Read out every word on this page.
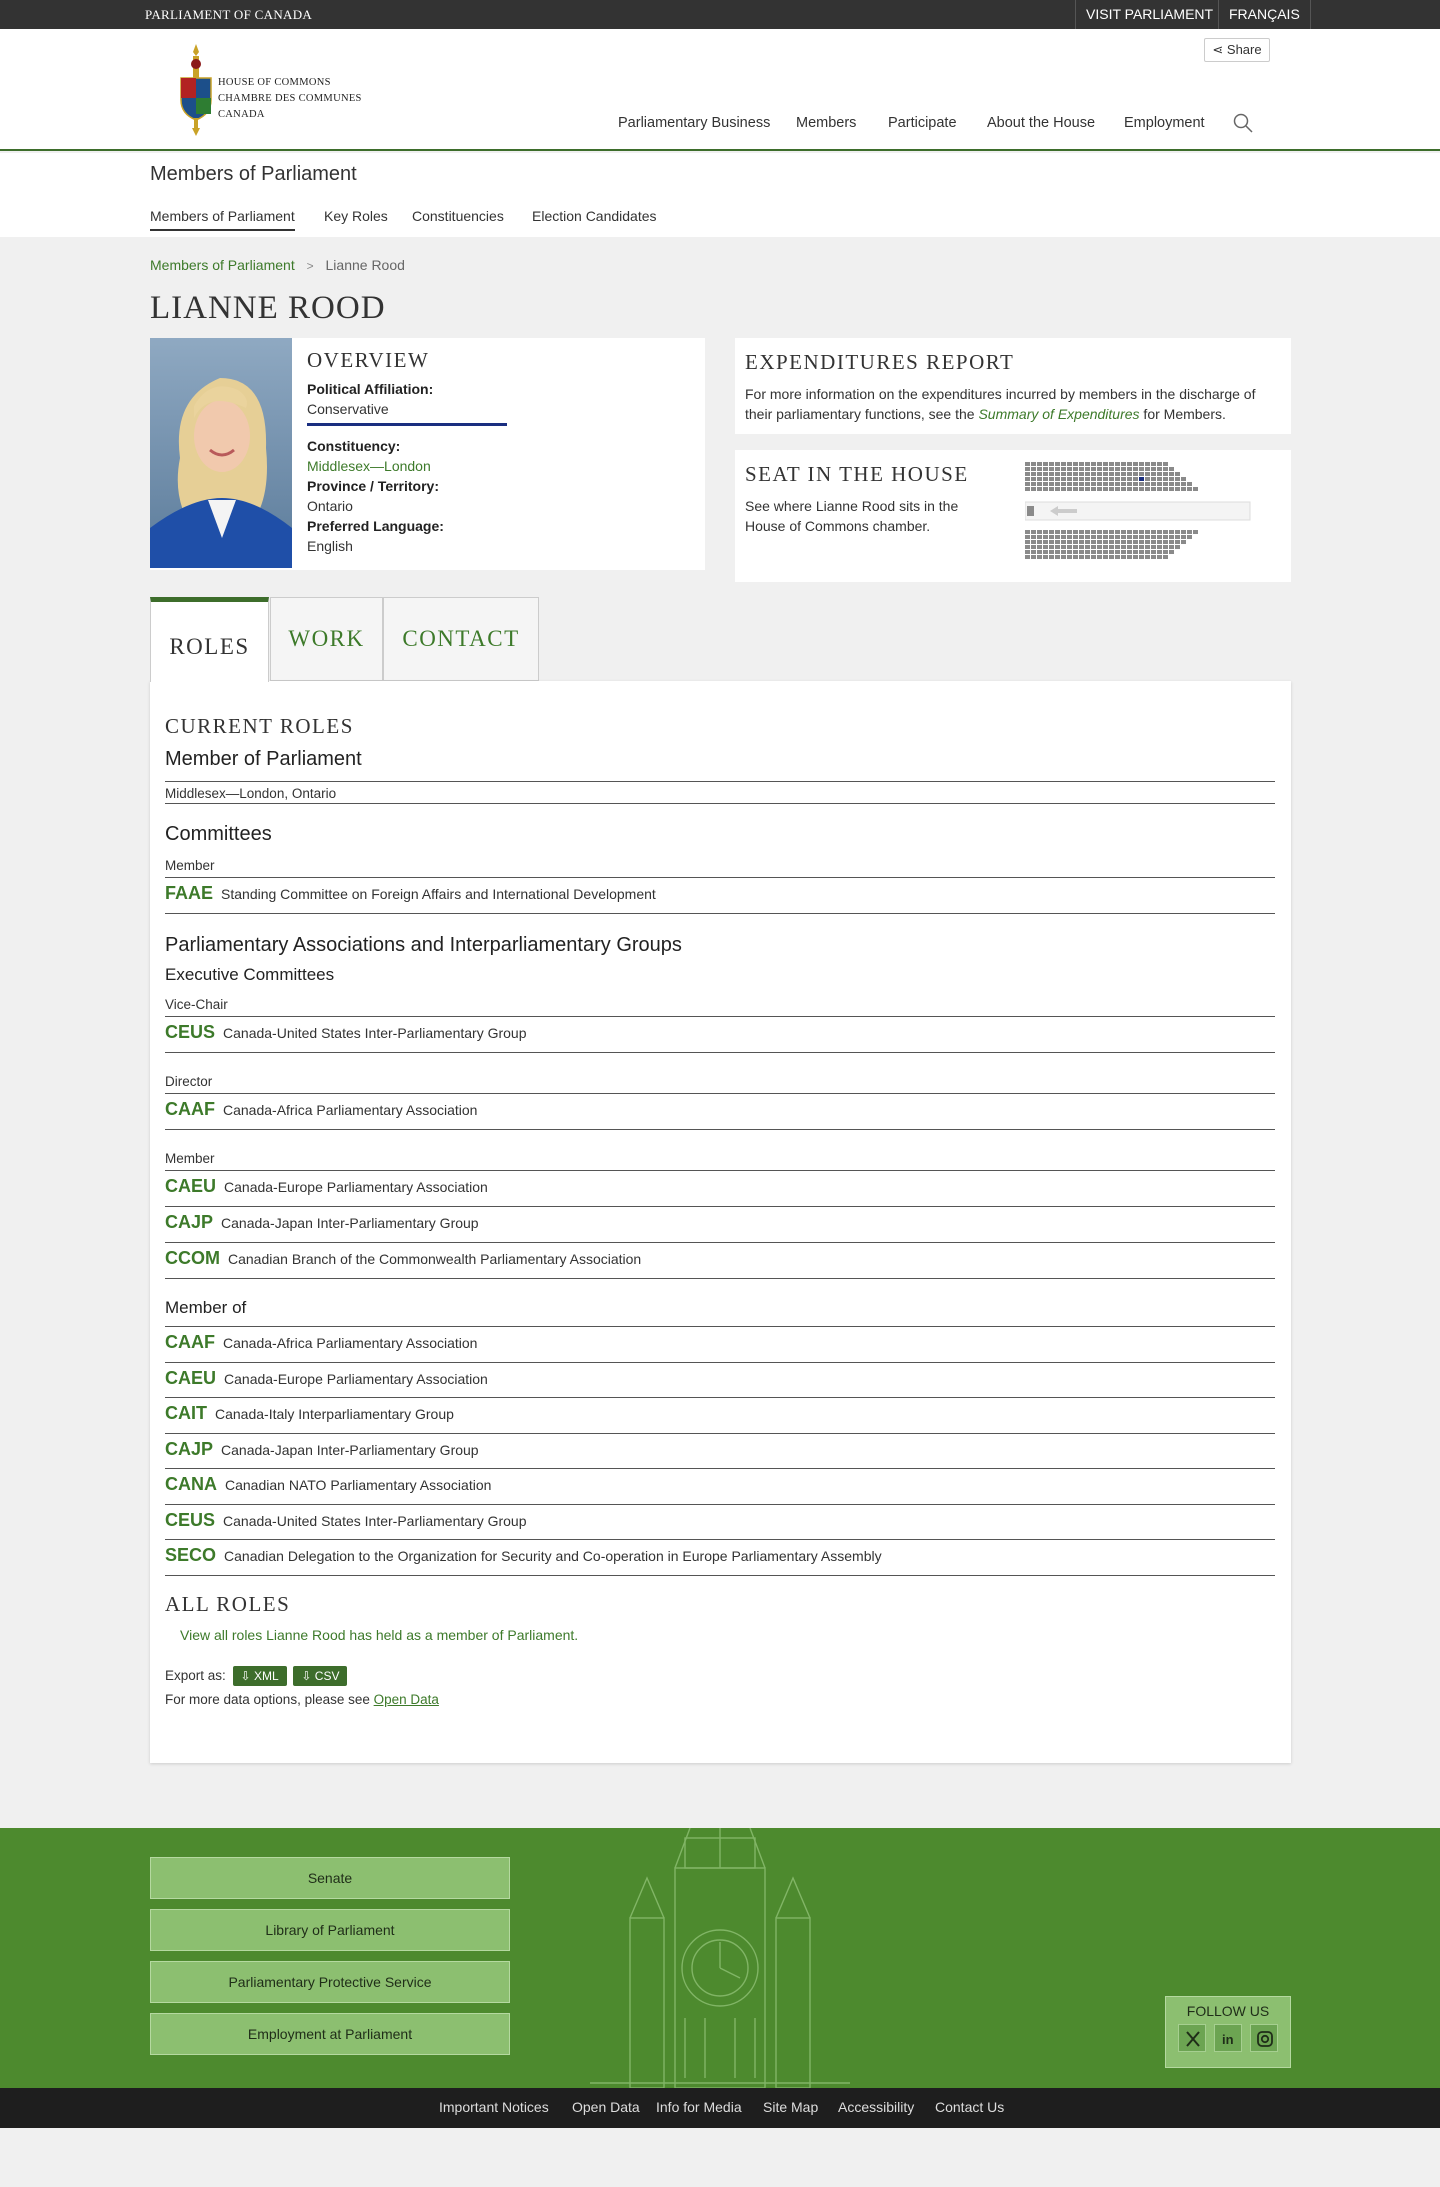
PARLIAMENT OF CANADA	VISIT PARLIAMENT	FRANÇAIS
HOUSE OF COMMONS
CHAMBRE DES COMMUNES
CANADA
⋖ Share
Parliamentary Business Members Participate About the House Employment
Members of Parliament
Members of Parliament Key Roles Constituencies Election Candidates
Members of Parliament > Lianne Rood
LIANNE ROOD
OVERVIEW
Political Affiliation:
Conservative
Constituency:
Middlesex—London
Province / Territory:
Ontario
Preferred Language:
English
EXPENDITURES REPORT

For more information on the expenditures incurred by members in the discharge of their parliamentary functions, see the Summary of Expenditures for Members.

SEAT IN THE HOUSE

See where Lianne Rood sits in the House of Commons chamber.

ROLES	WORK	CONTACT
CURRENT ROLES
Member of Parliament
Middlesex—London, Ontario
Committees
Member
FAAE Standing Committee on Foreign Affairs and International Development
Parliamentary Associations and Interparliamentary Groups
Executive Committees
Vice-Chair
CEUS Canada-United States Inter-Parliamentary Group
Director
CAAF Canada-Africa Parliamentary Association
Member
CAEU Canada-Europe Parliamentary Association
CAJP Canada-Japan Inter-Parliamentary Group
CCOM Canadian Branch of the Commonwealth Parliamentary Association
Member of
CAAF Canada-Africa Parliamentary Association
CAEU Canada-Europe Parliamentary Association
CAIT Canada-Italy Interparliamentary Group
CAJP Canada-Japan Inter-Parliamentary Group
CANA Canadian NATO Parliamentary Association
CEUS Canada-United States Inter-Parliamentary Group
SECO Canadian Delegation to the Organization for Security and Co-operation in Europe Parliamentary Assembly
ALL ROLES
View all roles Lianne Rood has held as a member of Parliament.
Export as: ⇩ XML ⇩ CSV
For more data options, please see Open Data
Senate
Library of Parliament
Parliamentary Protective Service
Employment at Parliament
FOLLOW US

in

Important Notices Open Data Info for Media Site Map Accessibility Contact Us
